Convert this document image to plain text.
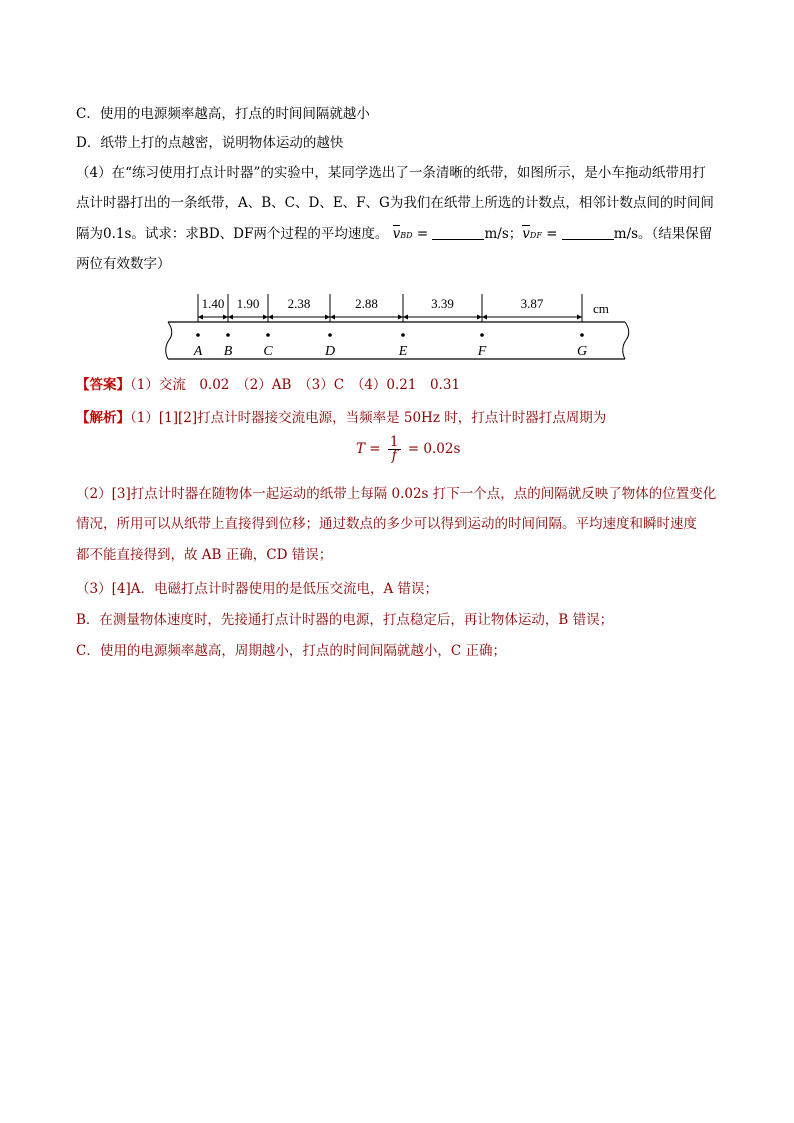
C．使用的电源频率越高，打点的时间间隔就越小
D．纸带上打的点越密，说明物体运动的越快
（4）在“练习使用打点计时器”的实验中，某同学选出了一条清晰的纸带，如图所示，是小车拖动纸带用打
点计时器打出的一条纸带，A、B、C、D、E、F、G为我们在纸带上所选的计数点，相邻计数点间的时间间
隔为0.1s。试求：求BD、DF两个过程的平均速度。 vBD =	m/s；vDF =	m/s。（结果保留
两位有效数字）
1.40 1.90 2.38	2.88	3.39	3.87	cm
A B C	D	E	F	G
【答案】（1）交流　0.02　（2）AB　（3）C　（4）0.21　0.31
【解析】（1）[1][2]打点计时器接交流电源，当频率是 50Hz 时，打点计时器打点周期为
$T = \frac{1}{f} = 0.02s$
（2）[3]打点计时器在随物体一起运动的纸带上每隔 0.02s 打下一个点，点的间隔就反映了物体的位置变化
情况，所用可以从纸带上直接得到位移；通过数点的多少可以得到运动的时间间隔。平均速度和瞬时速度
都不能直接得到，故 AB 正确，CD 错误；
（3）[4]A．电磁打点计时器使用的是低压交流电，A 错误；
B．在测量物体速度时，先接通打点计时器的电源，打点稳定后，再让物体运动，B 错误；
C．使用的电源频率越高，周期越小，打点的时间间隔就越小，C 正确；
